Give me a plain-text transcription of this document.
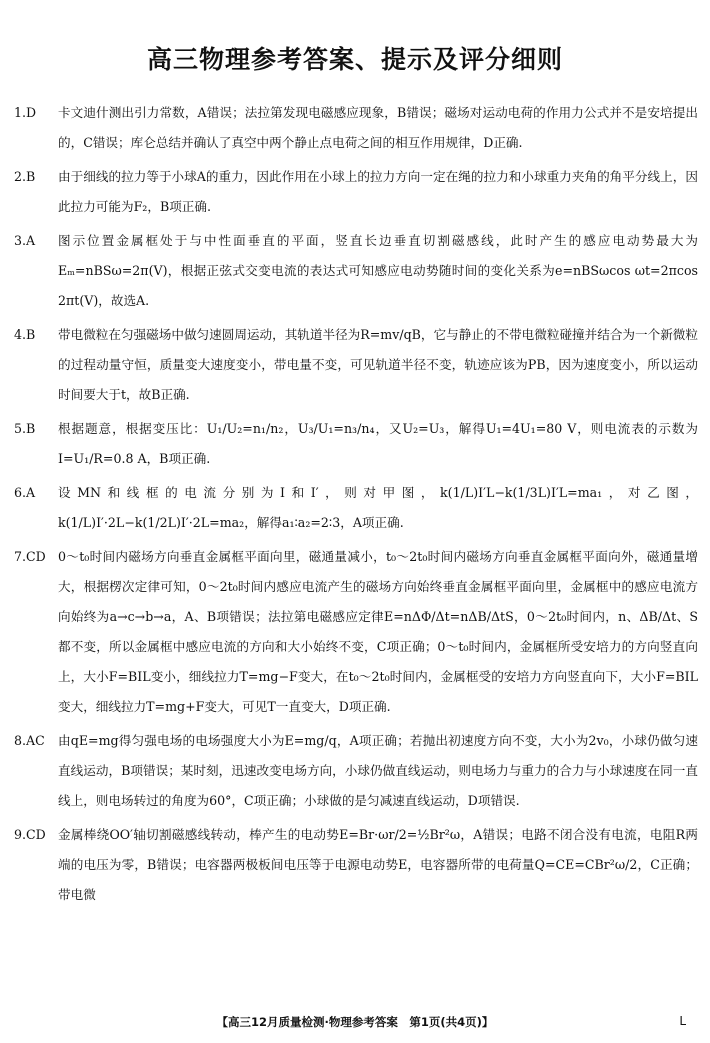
高三物理参考答案、提示及评分细则
1.D	卡文迪什测出引力常数，A错误；法拉第发现电磁感应现象，B错误；磁场对运动电荷的作用力公式并不是安培提出的，C错误；库仑总结并确认了真空中两个静止点电荷之间的相互作用规律，D正确.
2.B	由于细线的拉力等于小球A的重力，因此作用在小球上的拉力方向一定在绳的拉力和小球重力夹角的角平分线上，因此拉力可能为F₂，B项正确.
3.A	图示位置金属框处于与中性面垂直的平面，竖直长边垂直切割磁感线，此时产生的感应电动势最大为Eₘ=nBSω=2π(V)，根据正弦式交变电流的表达式可知感应电动势随时间的变化关系为e=nBSωcos ωt=2πcos 2πt(V)，故选A.
4.B	带电微粒在匀强磁场中做匀速圆周运动，其轨道半径为R=mv/qB，它与静止的不带电微粒碰撞并结合为一个新微粒的过程动量守恒，质量变大速度变小，带电量不变，可见轨道半径不变，轨迹应该为PB，因为速度变小，所以运动时间要大于t，故B正确.
5.B	根据题意，根据变压比：U₁/U₂=n₁/n₂，U₃/U₁=n₃/n₄，又U₂=U₃，解得U₁=4U₁=80 V，则电流表的示数为I=U₁/R=0.8 A，B项正确.
6.A	设MN和线框的电流分别为I和I′，则对甲图，k(1/L)I′L−k(1/3L)I′L=ma₁，对乙图，k(1/L)I′·2L−k(1/2L)I′·2L=ma₂，解得a₁∶a₂=2∶3，A项正确.
7.CD 0～t₀时间内磁场方向垂直金属框平面向里，磁通量减小，t₀～2t₀时间内磁场方向垂直金属框平面向外，磁通量增大，根据楞次定律可知，0～2t₀时间内感应电流产生的磁场方向始终垂直金属框平面向里，金属框中的感应电流方向始终为a→c→b→a，A、B项错误；法拉第电磁感应定律E=nΔΦ/Δt=nΔB/ΔtS，0～2t₀时间内，n、ΔB/Δt、S都不变，所以金属框中感应电流的方向和大小始终不变，C项正确；0～t₀时间内，金属框所受安培力的方向竖直向上，大小F=BIL变小，细线拉力T=mg−F变大，在t₀～2t₀时间内，金属框受的安培力方向竖直向下，大小F=BIL变大，细线拉力T=mg+F变大，可见T一直变大，D项正确.
8.AC	由qE=mg得匀强电场的电场强度大小为E=mg/q，A项正确；若抛出初速度方向不变，大小为2v₀，小球仍做匀速直线运动，B项错误；某时刻，迅速改变电场方向，小球仍做直线运动，则电场力与重力的合力与小球速度在同一直线上，则电场转过的角度为60°，C项正确；小球做的是匀减速直线运动，D项错误.
9.CD 金属棒绕OO′轴切割磁感线转动，棒产生的电动势E=Br·ωr/2=½Br²ω，A错误；电路不闭合没有电流，电阻R两端的电压为零，B错误；电容器两极板间电压等于电源电动势E，电容器所带的电荷量Q=CE=CBr²ω/2，C正确；带电微
【高三12月质量检测·物理参考答案　第1页(共4页)】	L
